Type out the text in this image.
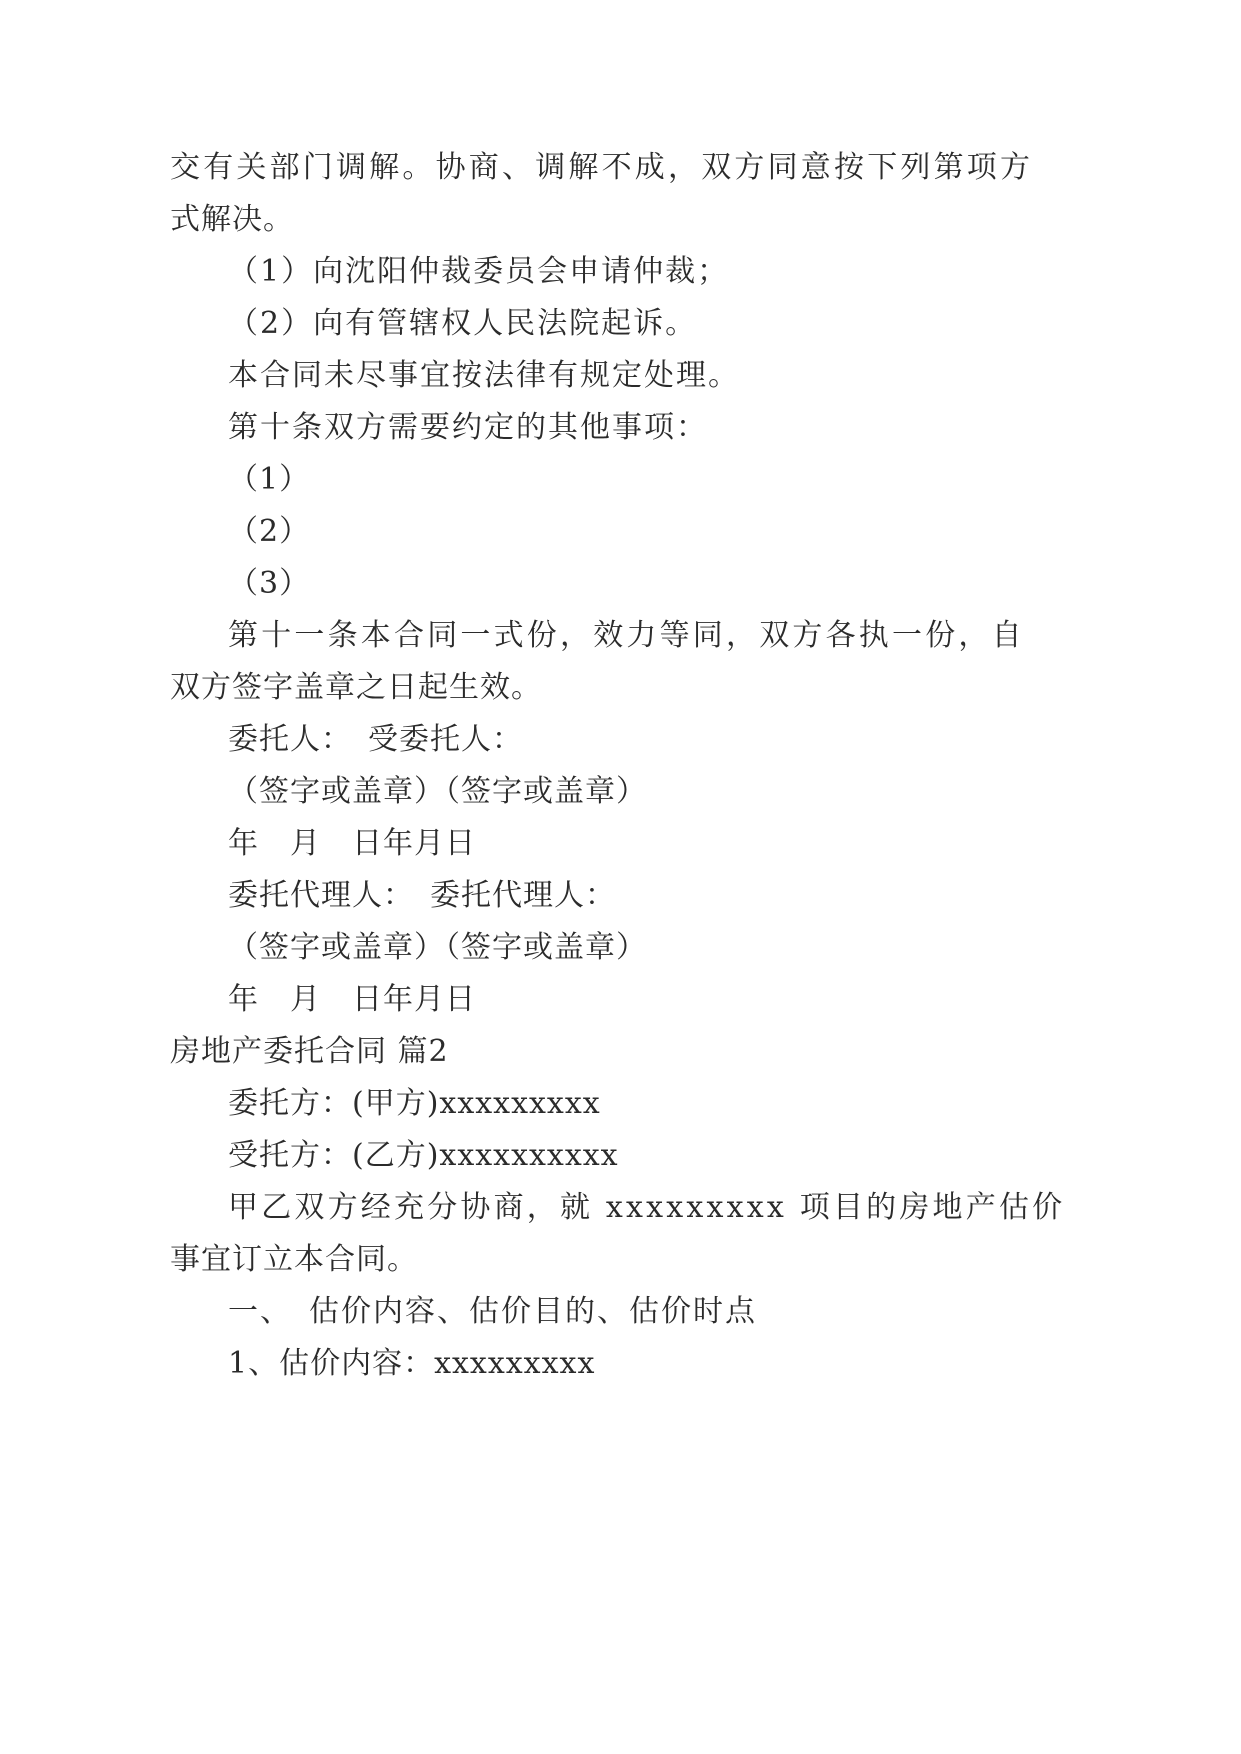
交有关部门调解。协商、调解不成，双方同意按下列第项方
式解决。
（1）向沈阳仲裁委员会申请仲裁；
（2）向有管辖权人民法院起诉。
本合同未尽事宜按法律有规定处理。
第十条双方需要约定的其他事项：
（1）
（2）
（3）
第十一条本合同一式份，效力等同，双方各执一份，自
双方签字盖章之日起生效。
委托人：　受委托人：
（签字或盖章）（签字或盖章）
年　月　日年月日
委托代理人：　委托代理人：
（签字或盖章）（签字或盖章）
年　月　日年月日
房地产委托合同 篇2
委托方：(甲方)xxxxxxxxx
受托方：(乙方)xxxxxxxxxx
甲乙双方经充分协商，就 xxxxxxxxx 项目的房地产估价
事宜订立本合同。
一、　估价内容、估价目的、估价时点
1、估价内容：xxxxxxxxx
